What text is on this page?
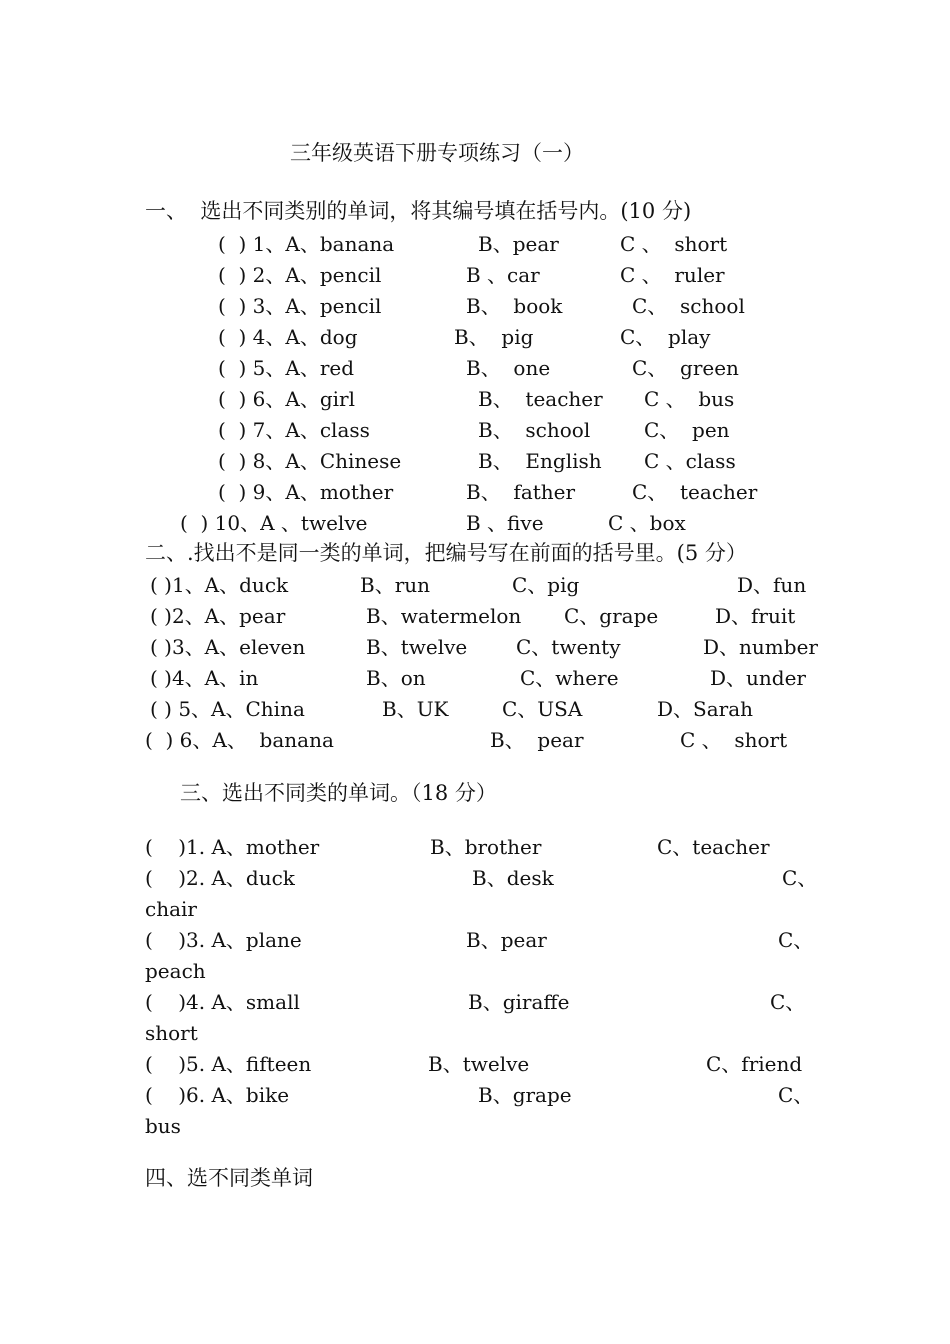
三年级英语下册专项练习（一）
一、  选出不同类别的单词，将其编号填在括号内。(10 分)
(  ) 1、A、banana	B、pear	C 、  short
(  ) 2、A、pencil	B 、car	C 、  ruler
(  ) 3、A、pencil	B、  book	C、  school
(  ) 4、A、dog	B、  pig	C、  play
(  ) 5、A、red	B、  one	C、  green
(  ) 6、A、girl	B、  teacher C 、  bus
(  ) 7、A、class	B、  school	C、  pen
(  ) 8、A、Chinese	B、  English C 、class
(  ) 9、A、mother	B、  father	C、  teacher
(  ) 10、A 、twelve	B 、five	C 、box
二、.找出不是同一类的单词，把编号写在前面的括号里。(5 分）
( )1、A、duck	B、run	C、pig	D、fun
( )2、A、pear	B、watermelon C、grape	D、fruit
( )3、A、eleven	B、twelve C、twenty	D、number
( )4、A、in	B、on	C、where	D、under
( ) 5、A、China	B、UK	C、USA	D、Sarah
(  ) 6、A、  banana	B、  pear	C 、  short
三、选出不同类的单词。（18 分）
(    )1. A、mother	B、brother	C、teacher
(    )2. A、duck	B、desk	C、
chair
(    )3. A、plane	B、pear	C、
peach
(    )4. A、small	B、giraffe	C、
short
(    )5. A、fifteen	B、twelve	C、friend
(    )6. A、bike	B、grape	C、
bus
四、选不同类单词
